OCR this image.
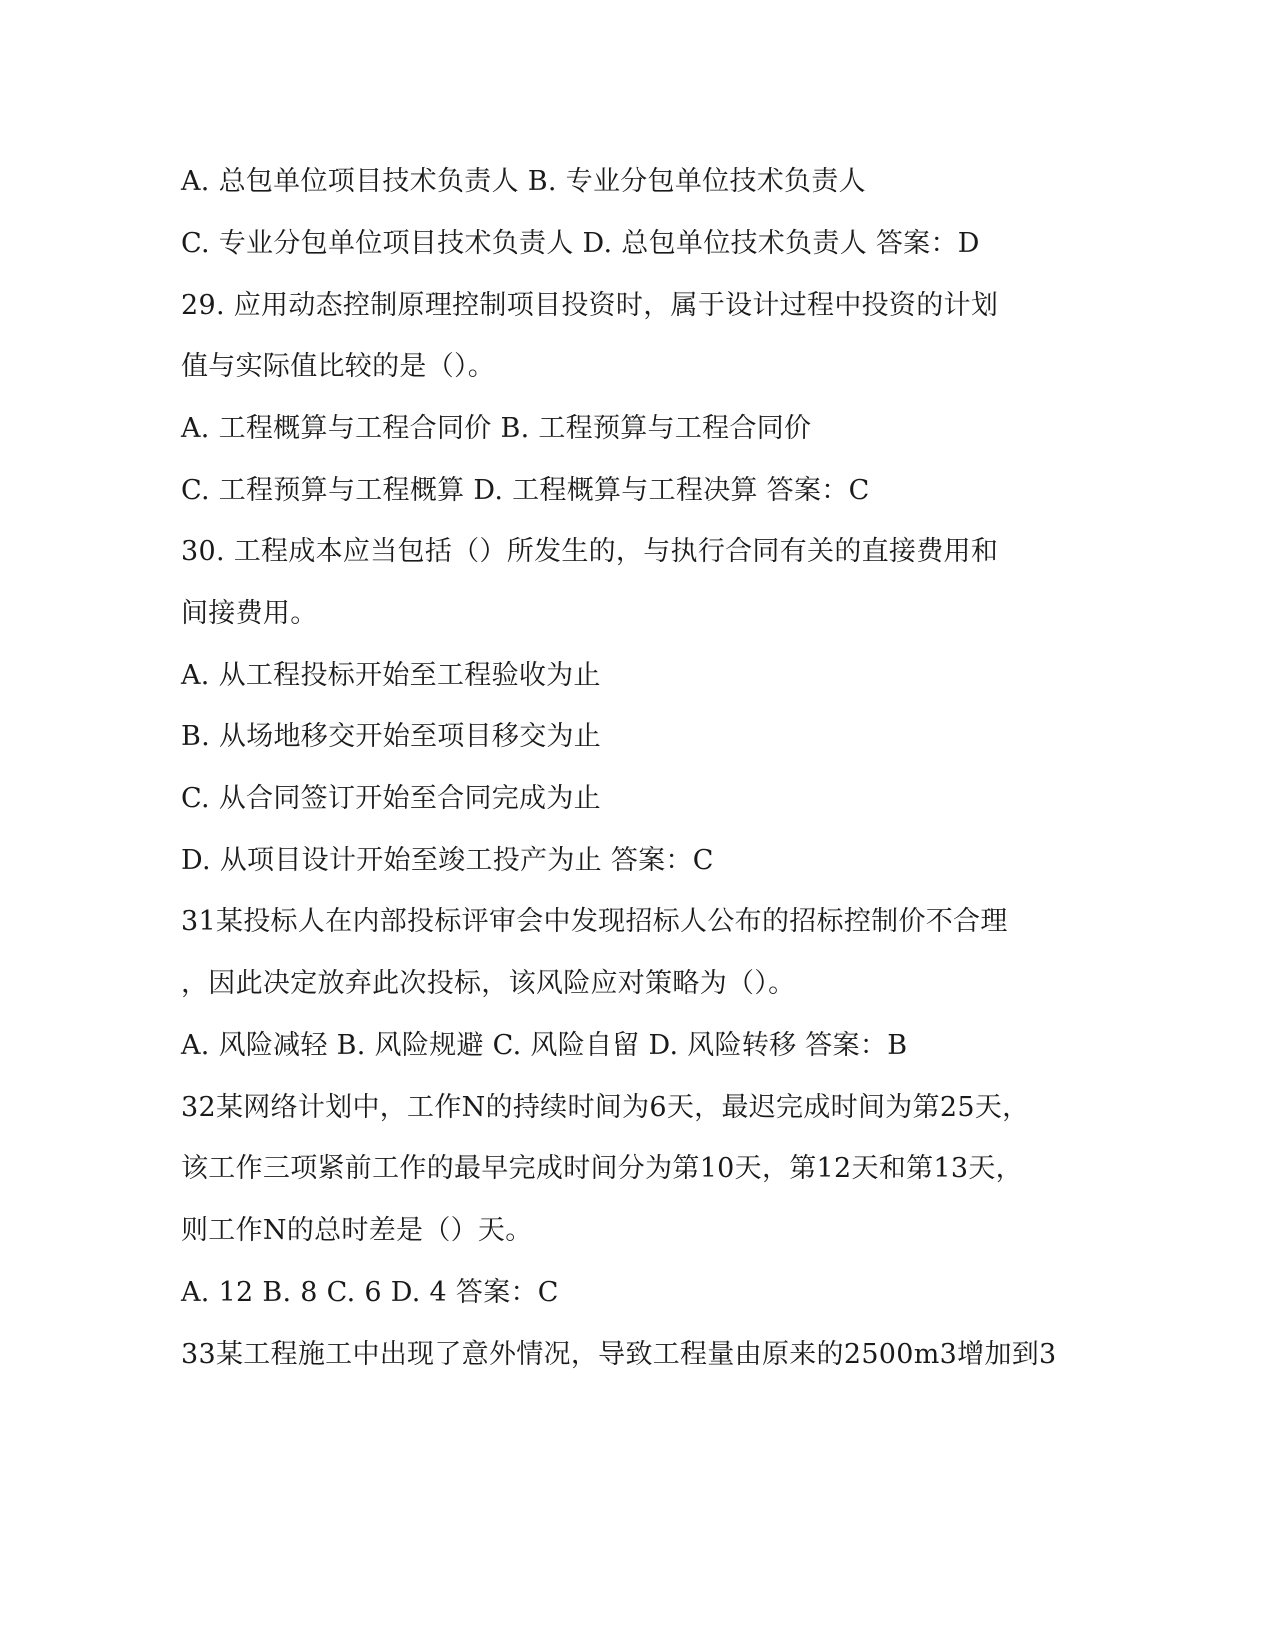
A. 总包单位项目技术负责人 B. 专业分包单位技术负责人
C. 专业分包单位项目技术负责人 D. 总包单位技术负责人 答案：D
29. 应用动态控制原理控制项目投资时，属于设计过程中投资的计划
值与实际值比较的是（）。
A. 工程概算与工程合同价 B. 工程预算与工程合同价
C. 工程预算与工程概算 D. 工程概算与工程决算 答案：C
30. 工程成本应当包括（）所发生的，与执行合同有关的直接费用和
间接费用。
A. 从工程投标开始至工程验收为止
B. 从场地移交开始至项目移交为止
C. 从合同签订开始至合同完成为止
D. 从项目设计开始至竣工投产为止 答案：C
31某投标人在内部投标评审会中发现招标人公布的招标控制价不合理
，因此决定放弃此次投标，该风险应对策略为（）。
A. 风险减轻 B. 风险规避 C. 风险自留 D. 风险转移 答案：B
32某网络计划中，工作N的持续时间为6天，最迟完成时间为第25天，
该工作三项紧前工作的最早完成时间分为第10天，第12天和第13天，
则工作N的总时差是（）天。
A. 12 B. 8 C. 6 D. 4 答案：C
33某工程施工中出现了意外情况，导致工程量由原来的2500m3增加到3
